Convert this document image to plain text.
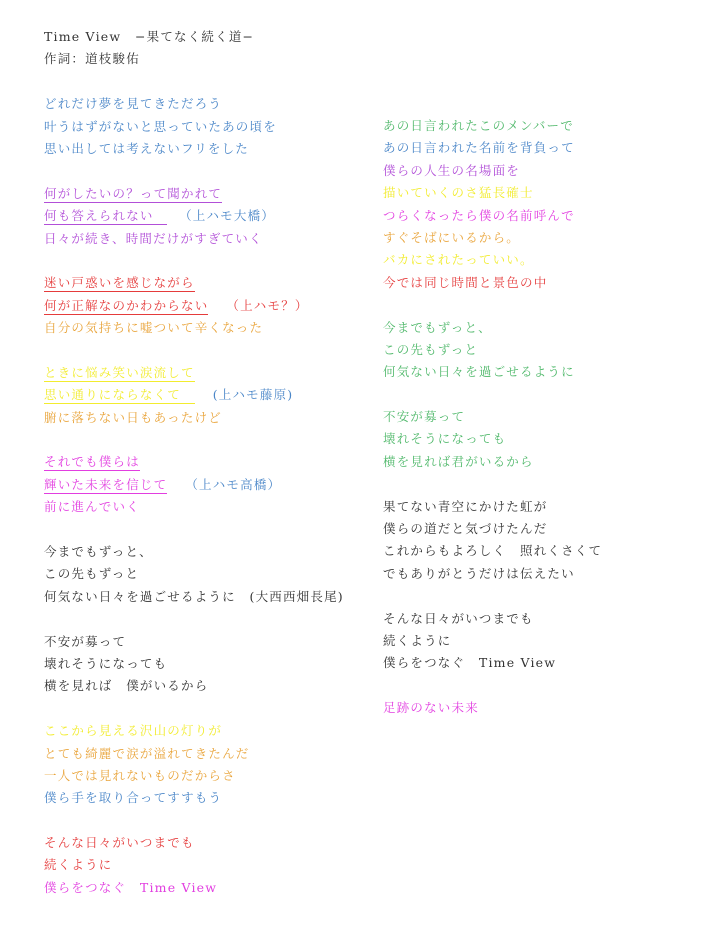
Time View　−果てなく続く道−
作詞：道枝駿佑
どれだけ夢を見てきただろう
叶うはずがないと思っていたあの頃を
思い出しては考えないフリをした
何がしたいの？って聞かれて
何も答えられない　（上ハモ大橋）
日々が続き、時間だけがすぎていく
迷い戸惑いを感じながら
何が正解なのかわからない （上ハモ？）
自分の気持ちに嘘ついて辛くなった
ときに悩み笑い涙流して
思い通りにならなくて　(上ハモ藤原)
腑に落ちない日もあったけど
それでも僕らは
輝いた未来を信じて （上ハモ高橋）
前に進んでいく
今までもずっと、
この先もずっと
何気ない日々を過ごせるように　(大西西畑長尾)
不安が募って
壊れそうになっても
横を見れば　僕がいるから
ここから見える沢山の灯りが
とても綺麗で涙が溢れてきたんだ
一人では見れないものだからさ
僕ら手を取り合ってすすもう
そんな日々がいつまでも
続くように
僕らをつなぐ　Time View
あの日言われたこのメンバーで
あの日言われた名前を背負って
僕らの人生の名場面を
描いていくのさ猛長確士
つらくなったら僕の名前呼んで
すぐそばにいるから。
バカにされたっていい。
今では同じ時間と景色の中
今までもずっと、
この先もずっと
何気ない日々を過ごせるように
不安が募って
壊れそうになっても
横を見れば君がいるから
果てない青空にかけた虹が
僕らの道だと気づけたんだ
これからもよろしく　照れくさくて
でもありがとうだけは伝えたい
そんな日々がいつまでも
続くように
僕らをつなぐ　Time View
足跡のない未来
